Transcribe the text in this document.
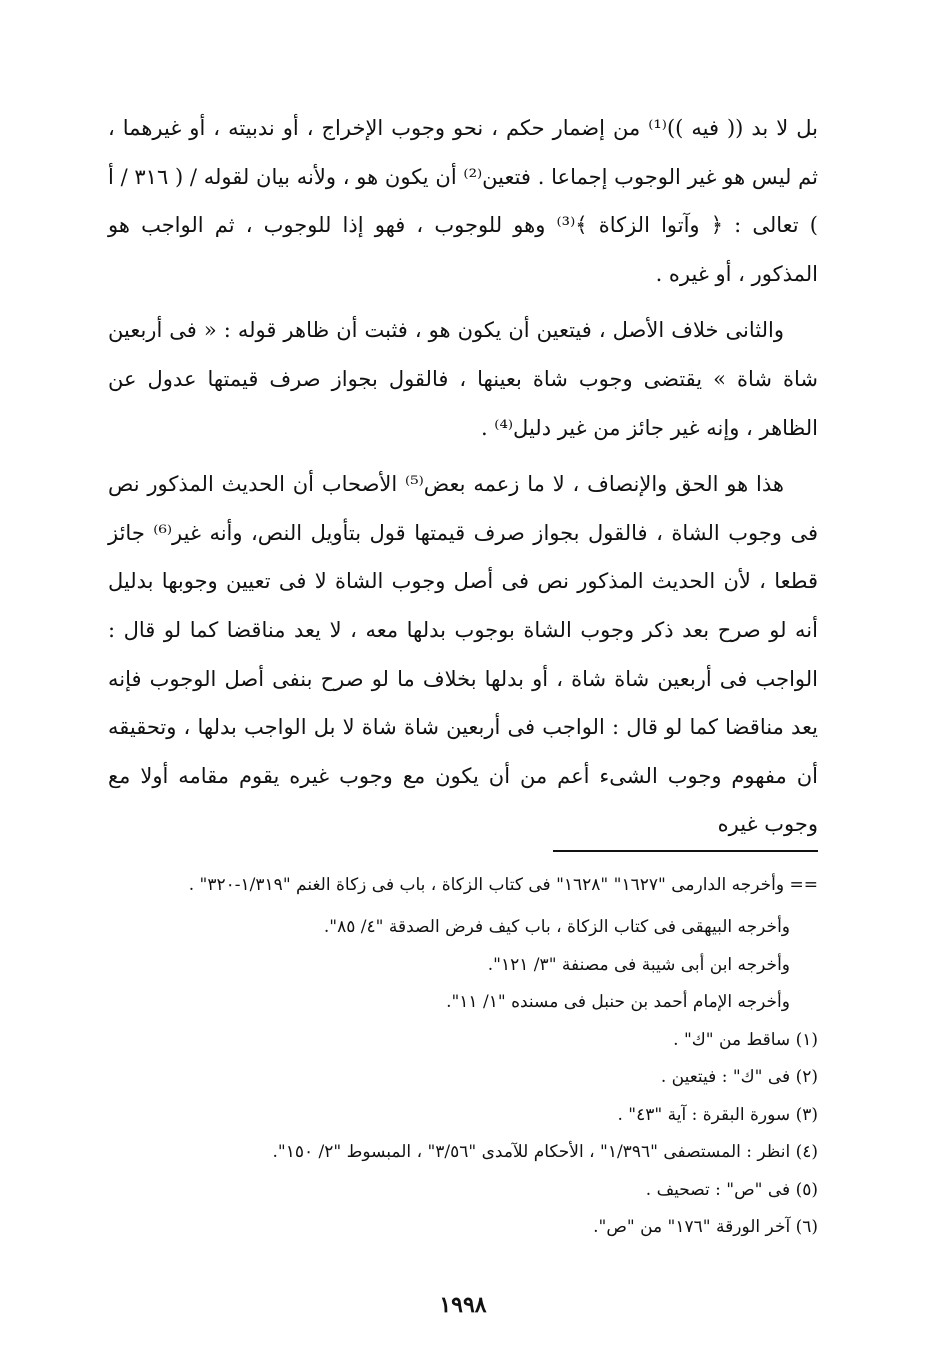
بل لا بد (( فيه ))⁽¹⁾ من إضمار حكم ، نحو وجوب الإخراج ، أو ندبيته ، أو غيرهما ، ثم ليس هو غير الوجوب إجماعا . فتعين⁽²⁾ أن يكون هو ، ولأنه بيان لقوله / ( ٣١٦ / أ ) تعالى : ﴿ وآتوا الزكاة ﴾⁽³⁾ وهو للوجوب ، فهو إذا للوجوب ، ثم الواجب هو المذكور ، أو غيره .

والثانى خلاف الأصل ، فيتعين أن يكون هو ، فثبت أن ظاهر قوله : « فى أربعين شاة شاة » يقتضى وجوب شاة بعينها ، فالقول بجواز صرف قيمتها عدول عن الظاهر ، وإنه غير جائز من غير دليل⁽⁴⁾ .

هذا هو الحق والإنصاف ، لا ما زعمه بعض⁽⁵⁾ الأصحاب أن الحديث المذكور نص فى وجوب الشاة ، فالقول بجواز صرف قيمتها قول بتأويل النص، وأنه غير⁽⁶⁾ جائز قطعا ، لأن الحديث المذكور نص فى أصل وجوب الشاة لا فى تعيين وجوبها بدليل أنه لو صرح بعد ذكر وجوب الشاة بوجوب بدلها معه ، لا يعد مناقضا كما لو قال : الواجب فى أربعين شاة شاة ، أو بدلها بخلاف ما لو صرح بنفى أصل الوجوب فإنه يعد مناقضا كما لو قال : الواجب فى أربعين شاة شاة لا بل الواجب بدلها ، وتحقيقه أن مفهوم وجوب الشىء أعم من أن يكون مع وجوب غيره يقوم مقامه أولا مع وجوب غيره

== وأخرجه الدارمى "١٦٢٧" "١٦٢٨" فى كتاب الزكاة ، باب فى زكاة الغنم "١/٣١٩-٣٢٠" .

وأخرجه البيهقى فى كتاب الزكاة ، باب كيف فرض الصدقة "٤/ ٨٥".

وأخرجه ابن أبى شيبة فى مصنفة "٣/ ١٢١".

وأخرجه الإمام أحمد بن حنبل فى مسنده "١/ ١١".

(١) ساقط من "ك" .

(٢) فى "ك" : فيتعين .

(٣) سورة البقرة : آية "٤٣" .

(٤) انظر : المستصفى "١/٣٩٦" ، الأحكام للآمدى "٣/٥٦" ، المبسوط "٢/ ١٥٠".

(٥) فى "ص" : تصحيف .

(٦) آخر الورقة "١٧٦" من "ص".

١٩٩٨
